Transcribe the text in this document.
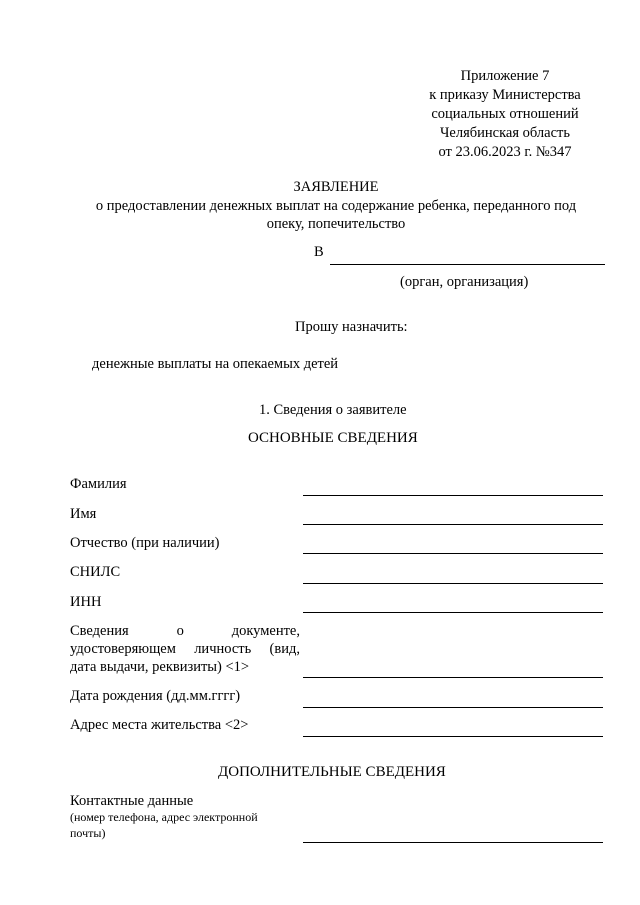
Приложение 7
к приказу Министерства
социальных отношений
Челябинская область
от 23.06.2023 г. №347
ЗАЯВЛЕНИЕ
о предоставлении денежных выплат на содержание ребенка, переданного под
опеку, попечительство
В
(орган, организация)
Прошу назначить:
денежные выплаты на опекаемых детей
1. Сведения о заявителе
ОСНОВНЫЕ СВЕДЕНИЯ
Фамилия
Имя
Отчество (при наличии)
СНИЛС
ИНН
Сведения о документе,
удостоверяющем личность (вид,
дата выдачи, реквизиты) <1>
Дата рождения (дд.мм.гггг)
Адрес места жительства <2>
ДОПОЛНИТЕЛЬНЫЕ СВЕДЕНИЯ
Контактные данные
(номер телефона, адрес электронной
почты)
